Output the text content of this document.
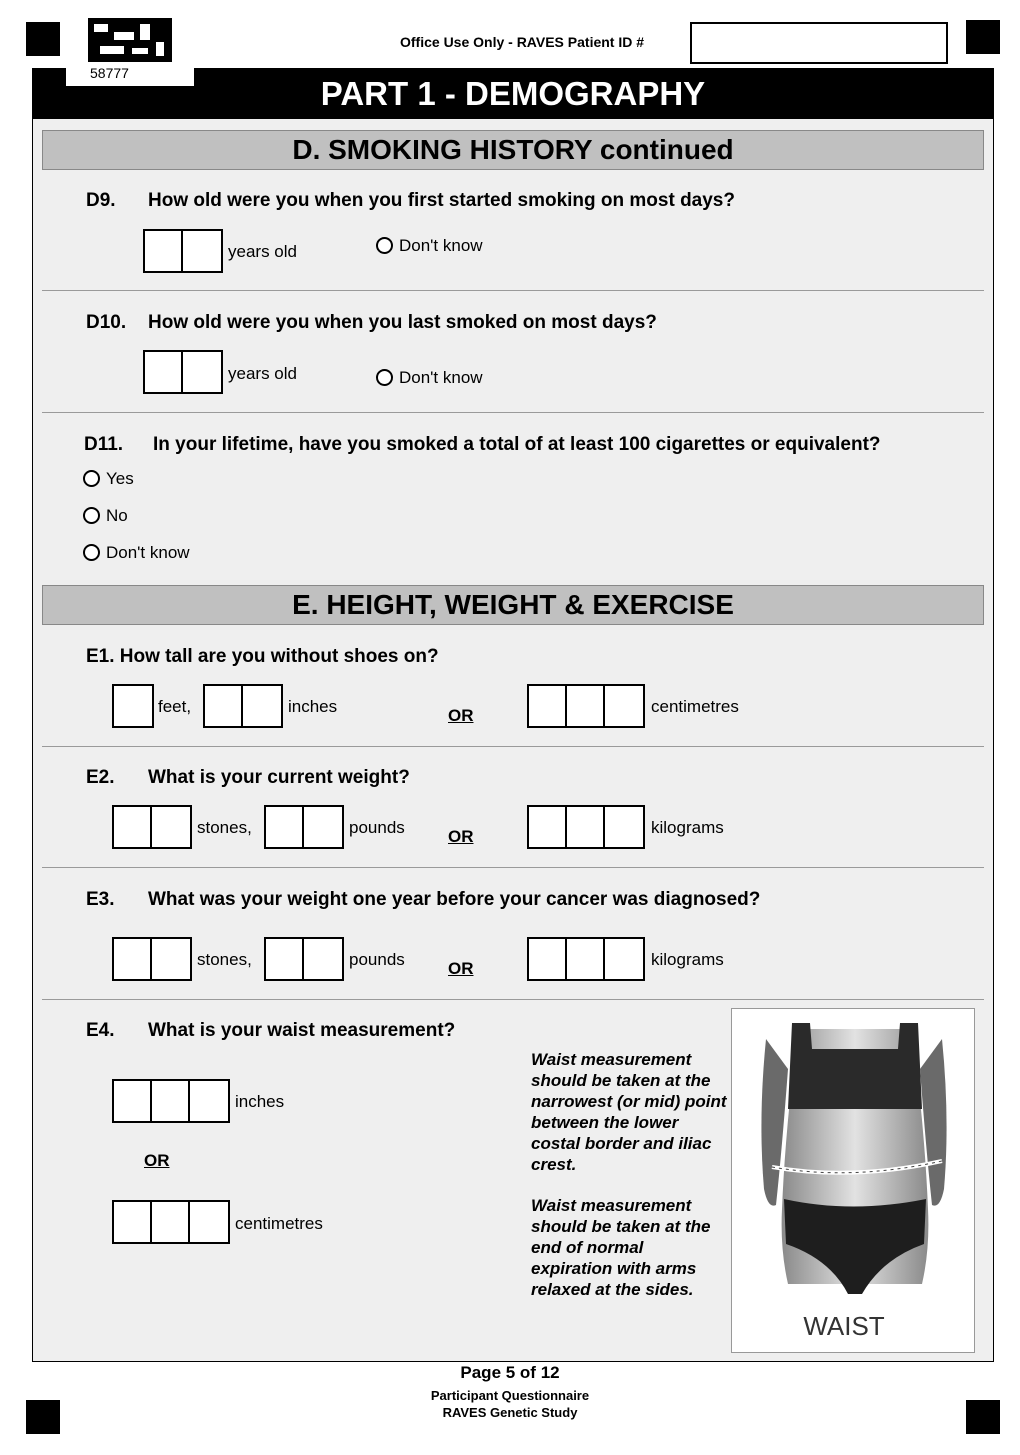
PART 1 - DEMOGRAPHY
D. SMOKING HISTORY continued
D9. How old were you when you first started smoking on most days?
years old	Don't know
D10. How old were you when you last smoked on most days?
years old	Don't know
D11. In your lifetime, have you smoked a total of at least 100 cigarettes or equivalent?
Yes
No
Don't know
E. HEIGHT, WEIGHT & EXERCISE
E1. How tall are you without shoes on?
feet,	inches	OR	centimetres
E2. What is your current weight?
stones,	pounds	OR	kilograms
E3. What was your weight one year before your cancer was diagnosed?
stones,	pounds	OR	kilograms
E4. What is your waist measurement?
inches
OR
centimetres
Waist measurement should be taken at the narrowest (or mid) point between the lower costal border and iliac crest.
Waist measurement should be taken at the end of normal expiration with arms relaxed at the sides.
WAIST
58777
Office Use Only - RAVES Patient ID #
Page 5 of 12
Participant Questionnaire
RAVES Genetic Study
